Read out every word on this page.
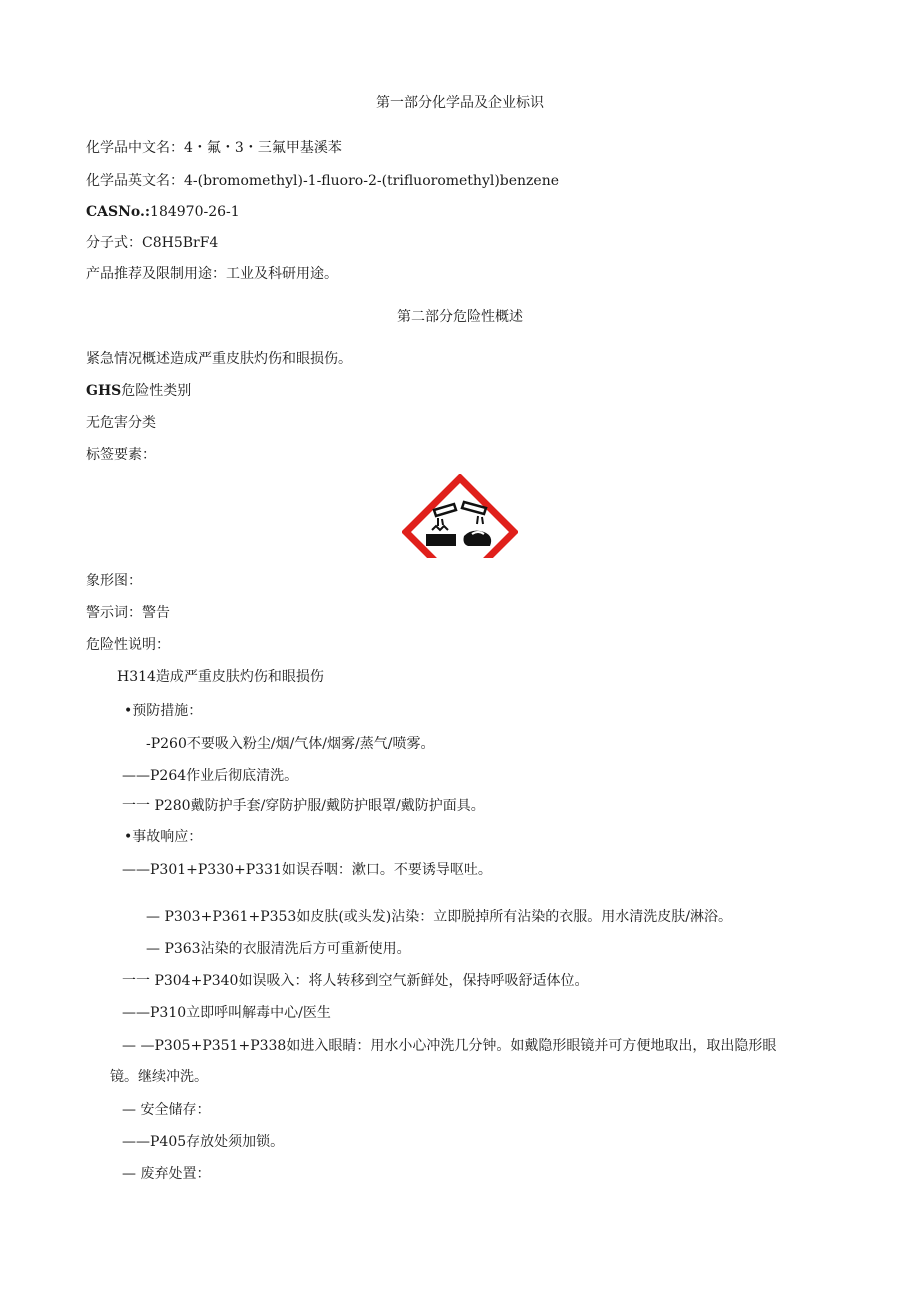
第一部分化学品及企业标识
化学品中文名：4・氟・3・三氟甲基溪苯
化学品英文名：4-(bromomethyl)-1-fluoro-2-(trifluoromethyl)benzene
CASNo.:184970-26-1
分子式：C8H5BrF4
产品推荐及限制用途：工业及科研用途。
第二部分危险性概述
紧急情况概述造成严重皮肤灼伤和眼损伤。
GHS危险性类别
无危害分类
标签要素：
象形图：
警示词：警告
危险性说明：
H314造成严重皮肤灼伤和眼损伤
•预防措施：
-P260不要吸入粉尘/烟/气体/烟雾/蒸气/喷雾。
——P264作业后彻底清洗。
一一 P280戴防护手套/穿防护服/戴防护眼罩/戴防护面具。
•事故响应：
——P301+P330+P331如误吞咽：漱口。不要诱导呕吐。
— P303+P361+P353如皮肤(或头发)沾染：立即脱掉所有沾染的衣服。用水清洗皮肤/淋浴。
— P363沾染的衣服清洗后方可重新使用。
一一 P304+P340如误吸入：将人转移到空气新鲜处，保持呼吸舒适体位。
——P310立即呼叫解毒中心/医生
— —P305+P351+P338如进入眼睛：用水小心冲洗几分钟。如戴隐形眼镜并可方便地取出，取出隐形眼
镜。继续冲洗。
— 安全储存：
——P405存放处须加锁。
— 废弃处置：
